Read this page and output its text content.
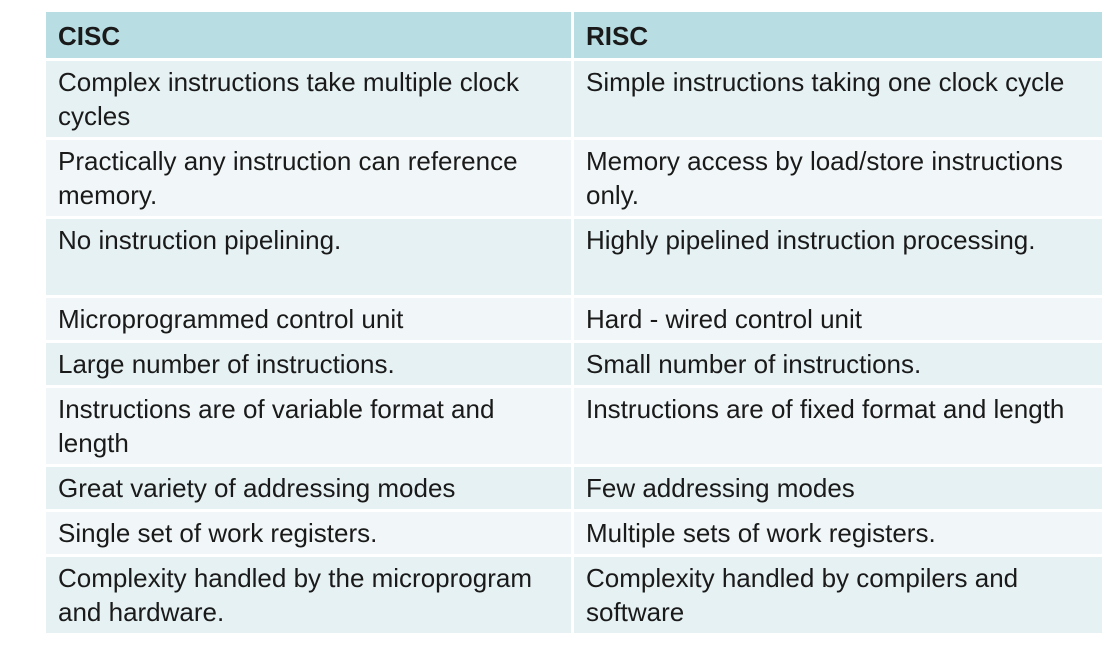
CISC	RISC
Complex instructions take multiple clock cycles	Simple instructions taking one clock cycle
Practically any instruction can reference memory.	Memory access by load/store instructions only.
No instruction pipelining.	Highly pipelined instruction processing.
Microprogrammed control unit	Hard - wired control unit
Large number of instructions.	Small number of instructions.
Instructions are of variable format and length	Instructions are of fixed format and length
Great variety of addressing modes	Few addressing modes
Single set of work registers.	Multiple sets of work registers.
Complexity handled by the microprogram and hardware.	Complexity handled by compilers and software
